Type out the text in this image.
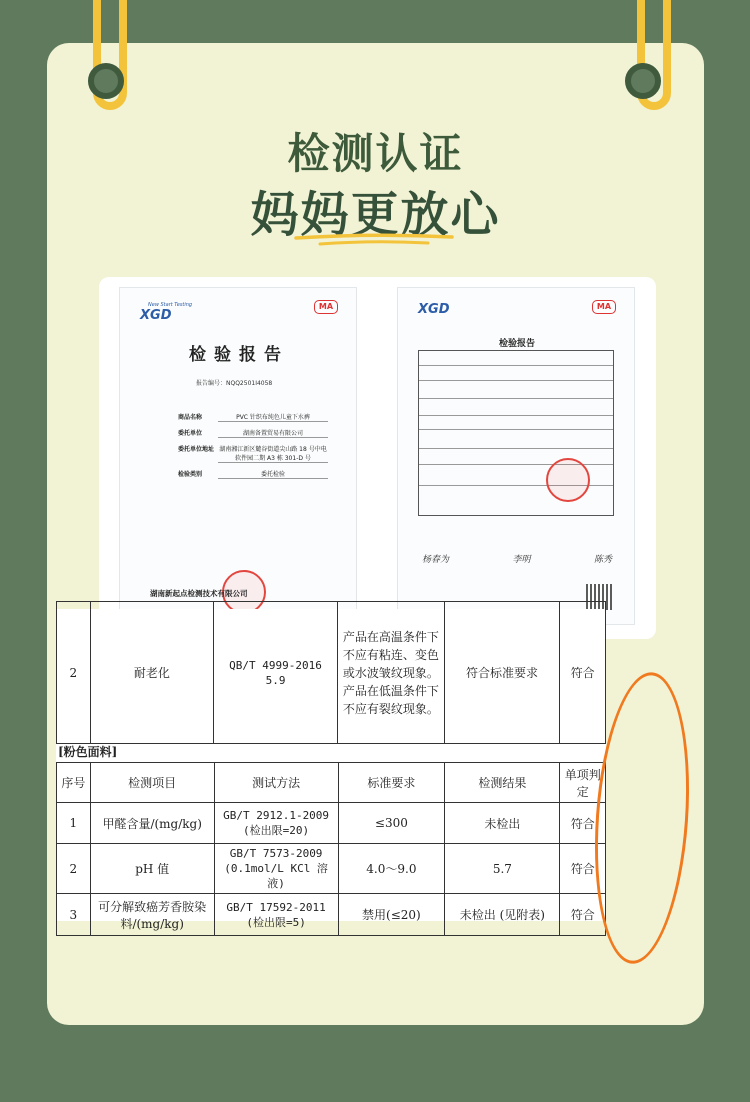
检测认证
妈妈更放心
New Start Testing
XGD
MA
检验报告
报告编号：NQQ2501I4058
商品名称	PVC 针织布纯色儿童下水裤
委托单位	湖南备置贸易有限公司
委托单位地址 湖南湘江新区麓谷街道尖山路 18 号中电软件园二期 A3 栋 301-D 号
检验类别	委托检验
湖南新起点检测技术有限公司
XGD	MA
检验报告
杨春为	李明	陈秀
2	耐老化	QB/T 4999-2016 5.9	产品在高温条件下不应有粘连、变色或水波皱纹现象。产品在低温条件下不应有裂纹现象。	符合标准要求	符合
[粉色面料]
序号	检测项目	测试方法	标准要求	检测结果	单项判定
1	甲醛含量/(mg/kg)	GB/T 2912.1-2009 (检出限=20)	≤300	未检出	符合
2	pH 值	GB/T 7573-2009 (0.1mol/L KCl 溶液)	4.0～9.0	5.7	符合
3	可分解致癌芳香胺染料/(mg/kg)	GB/T 17592-2011 (检出限=5)	禁用(≤20)	未检出 (见附表)	符合
